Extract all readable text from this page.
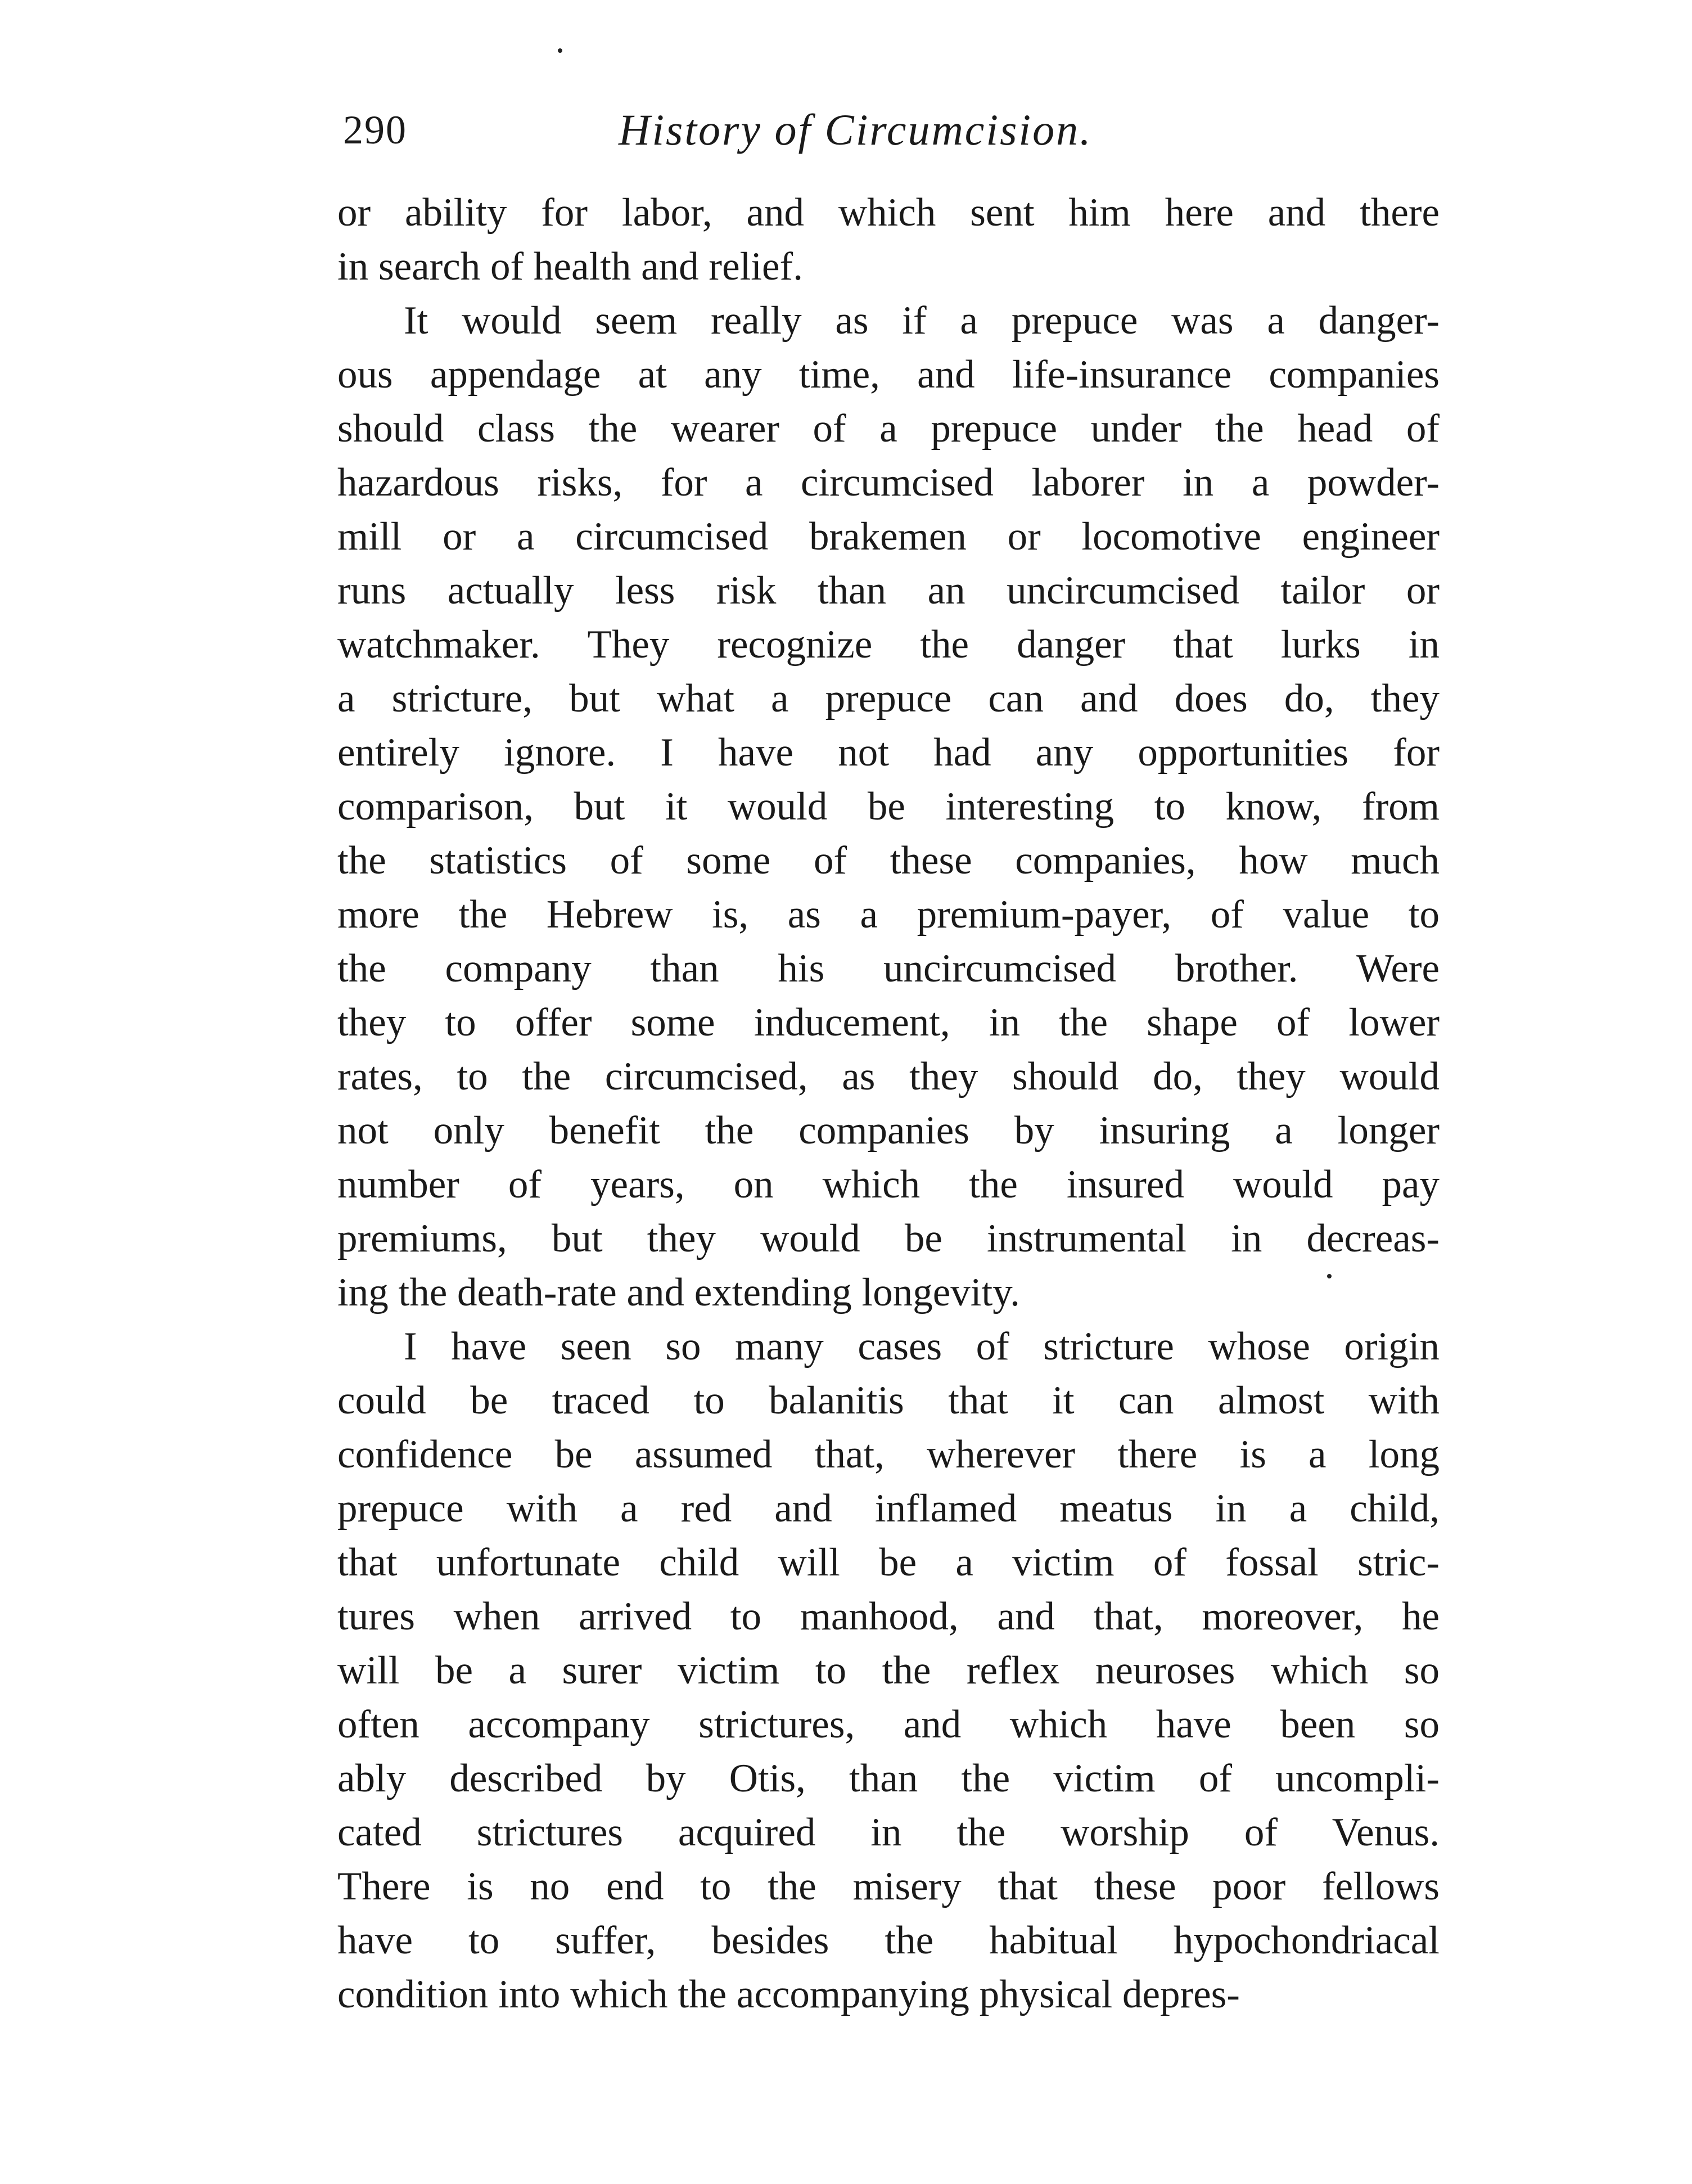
290	History of Circumcision.
or ability for labor, and which sent him here and there
in search of health and relief.
It would seem really as if a prepuce was a danger-
ous appendage at any time, and life-insurance companies
should class the wearer of a prepuce under the head of
hazardous risks, for a circumcised laborer in a powder-
mill or a circumcised brakemen or locomotive engineer
runs actually less risk than an uncircumcised tailor or
watchmaker. They recognize the danger that lurks in
a stricture, but what a prepuce can and does do, they
entirely ignore. I have not had any opportunities for
comparison, but it would be interesting to know, from
the statistics of some of these companies, how much
more the Hebrew is, as a premium-payer, of value to
the company than his uncircumcised brother. Were
they to offer some inducement, in the shape of lower
rates, to the circumcised, as they should do, they would
not only benefit the companies by insuring a longer
number of years, on which the insured would pay
premiums, but they would be instrumental in decreas-
ing the death-rate and extending longevity.
I have seen so many cases of stricture whose origin
could be traced to balanitis that it can almost with
confidence be assumed that, wherever there is a long
prepuce with a red and inflamed meatus in a child,
that unfortunate child will be a victim of fossal stric-
tures when arrived to manhood, and that, moreover, he
will be a surer victim to the reflex neuroses which so
often accompany strictures, and which have been so
ably described by Otis, than the victim of uncompli-
cated strictures acquired in the worship of Venus.
There is no end to the misery that these poor fellows
have to suffer, besides the habitual hypochondriacal
condition into which the accompanying physical depres-
